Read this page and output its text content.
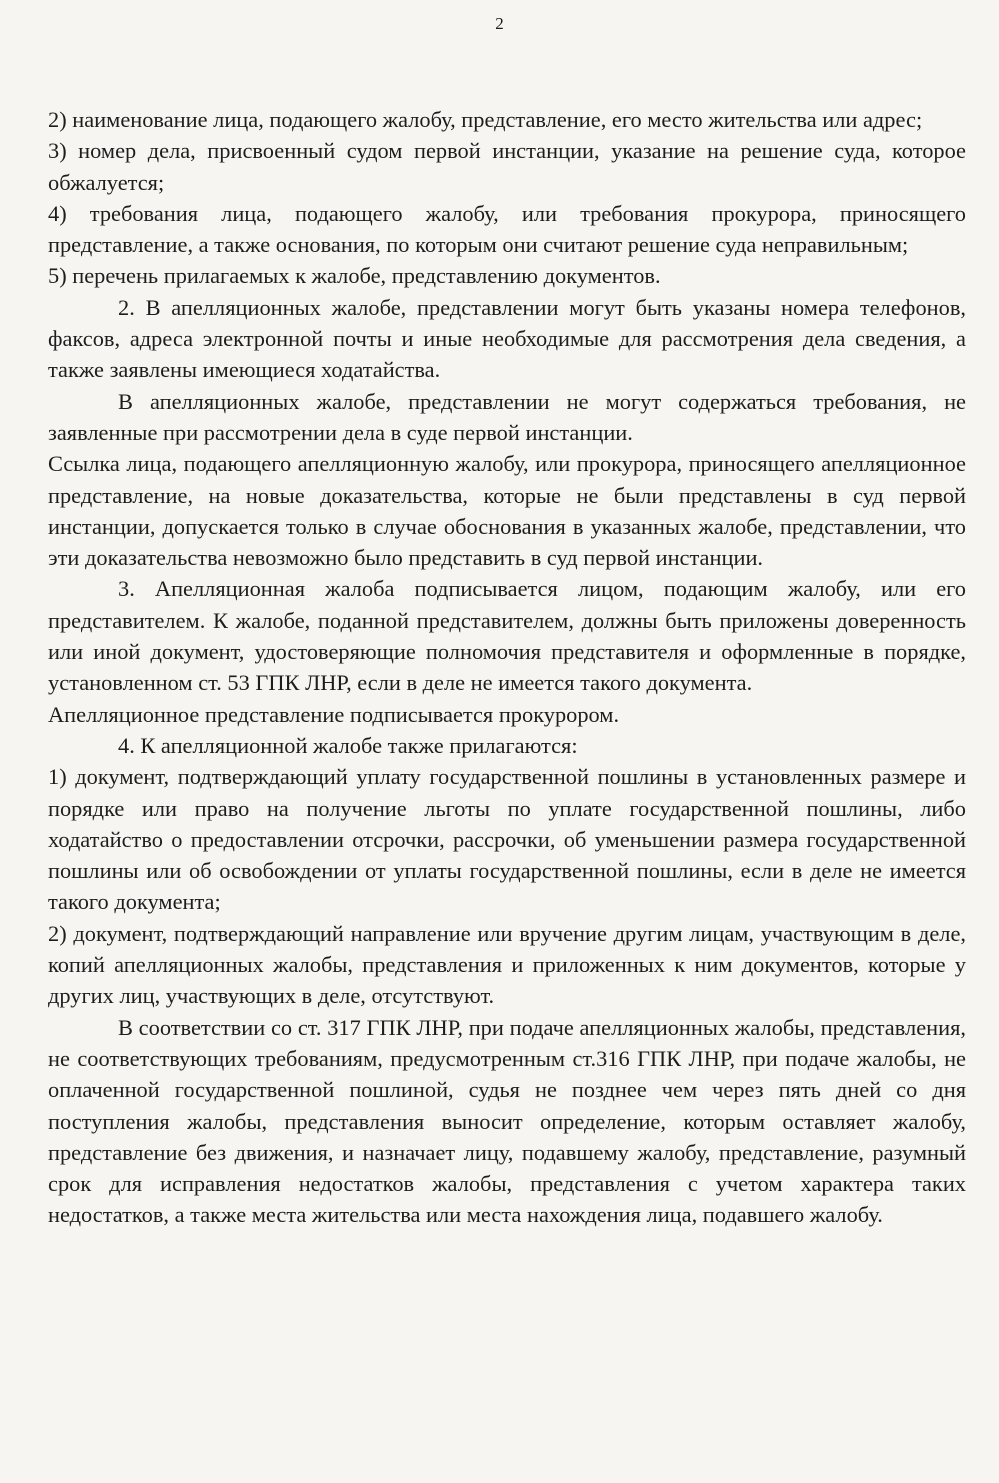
2

2) наименование лица, подающего жалобу, представление, его место жительства или адрес;

3) номер дела, присвоенный судом первой инстанции, указание на решение суда, которое обжалуется;

4) требования лица, подающего жалобу, или требования прокурора, приносящего представление, а также основания, по которым они считают решение суда неправильным;

5) перечень прилагаемых к жалобе, представлению документов.

2. В апелляционных жалобе, представлении могут быть указаны номера телефонов, факсов, адреса электронной почты и иные необходимые для рассмотрения дела сведения, а также заявлены имеющиеся ходатайства.

В апелляционных жалобе, представлении не могут содержаться требования, не заявленные при рассмотрении дела в суде первой инстанции.

Ссылка лица, подающего апелляционную жалобу, или прокурора, приносящего апелляционное представление, на новые доказательства, которые не были представлены в суд первой инстанции, допускается только в случае обоснования в указанных жалобе, представлении, что эти доказательства невозможно было представить в суд первой инстанции.

3. Апелляционная жалоба подписывается лицом, подающим жалобу, или его представителем. К жалобе, поданной представителем, должны быть приложены доверенность или иной документ, удостоверяющие полномочия представителя и оформленные в порядке, установленном ст. 53 ГПК ЛНР, если в деле не имеется такого документа.

Апелляционное представление подписывается прокурором.

4. К апелляционной жалобе также прилагаются:

1) документ, подтверждающий уплату государственной пошлины в установленных размере и порядке или право на получение льготы по уплате государственной пошлины, либо ходатайство о предоставлении отсрочки, рассрочки, об уменьшении размера государственной пошлины или об освобождении от уплаты государственной пошлины, если в деле не имеется такого документа;

2) документ, подтверждающий направление или вручение другим лицам, участвующим в деле, копий апелляционных жалобы, представления и приложенных к ним документов, которые у других лиц, участвующих в деле, отсутствуют.

В соответствии со ст. 317 ГПК ЛНР, при подаче апелляционных жалобы, представления, не соответствующих требованиям, предусмотренным ст.316 ГПК ЛНР, при подаче жалобы, не оплаченной государственной пошлиной, судья не позднее чем через пять дней со дня поступления жалобы, представления выносит определение, которым оставляет жалобу, представление без движения, и назначает лицу, подавшему жалобу, представление, разумный срок для исправления недостатков жалобы, представления с учетом характера таких недостатков, а также места жительства или места нахождения лица, подавшего жалобу.
